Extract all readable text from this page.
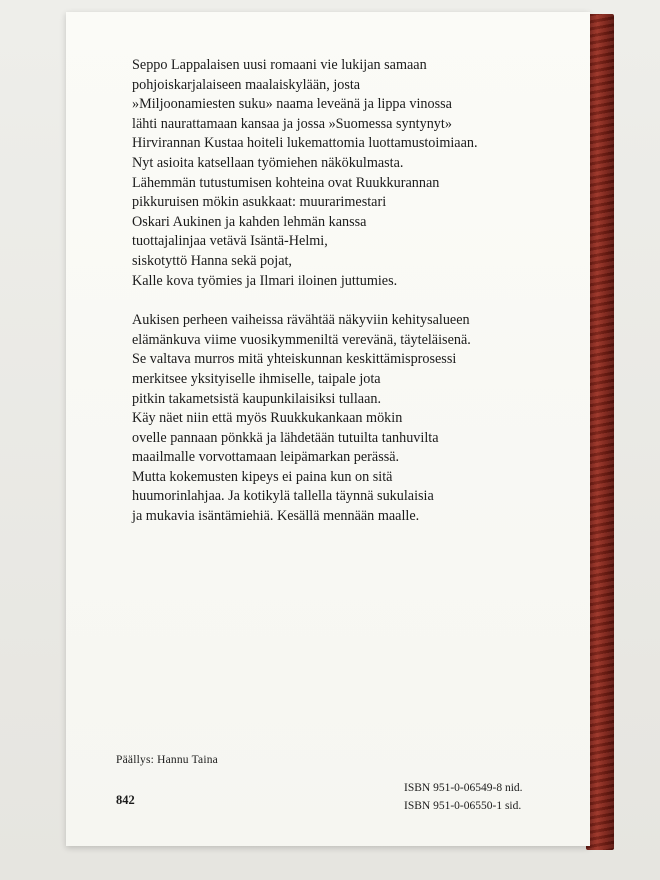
Seppo Lappalaisen uusi romaani vie lukijan samaan
pohjoiskarjalaiseen maalaiskylään, josta
»Miljoonamiesten suku» naama leveänä ja lippa vinossa
lähti naurattamaan kansaa ja jossa »Suomessa syntynyt»
Hirvirannan Kustaa hoiteli lukemattomia luottamustoimiaan.
Nyt asioita katsellaan työmiehen näkökulmasta.
Lähemmän tutustumisen kohteina ovat Ruukkurannan
pikkuruisen mökin asukkaat: muurarimestari
Oskari Aukinen ja kahden lehmän kanssa
tuottajalinjaa vetävä Isäntä-Helmi,
siskotyttö Hanna sekä pojat,
Kalle kova työmies ja Ilmari iloinen juttumies.

Aukisen perheen vaiheissa rävähtää näkyviin kehitysalueen
elämänkuva viime vuosikymmeniltä verevänä, täyteläisenä.
Se valtava murros mitä yhteiskunnan keskittämisprosessi
merkitsee yksityiselle ihmiselle, taipale jota
pitkin takametsistä kaupunkilaisiksi tullaan.
Käy näet niin että myös Ruukkukankaan mökin
ovelle pannaan pönkkä ja lähdetään tutuilta tanhuvilta
maailmalle vorvottamaan leipämarkan perässä.
Mutta kokemusten kipeys ei paina kun on sitä
huumorinlahjaa. Ja kotikylä tallella täynnä sukulaisia
ja mukavia isäntämiehiä. Kesällä mennään maalle.

Päällys: Hannu Taina
842
ISBN 951-0-06549-8 nid.
ISBN 951-0-06550-1 sid.
